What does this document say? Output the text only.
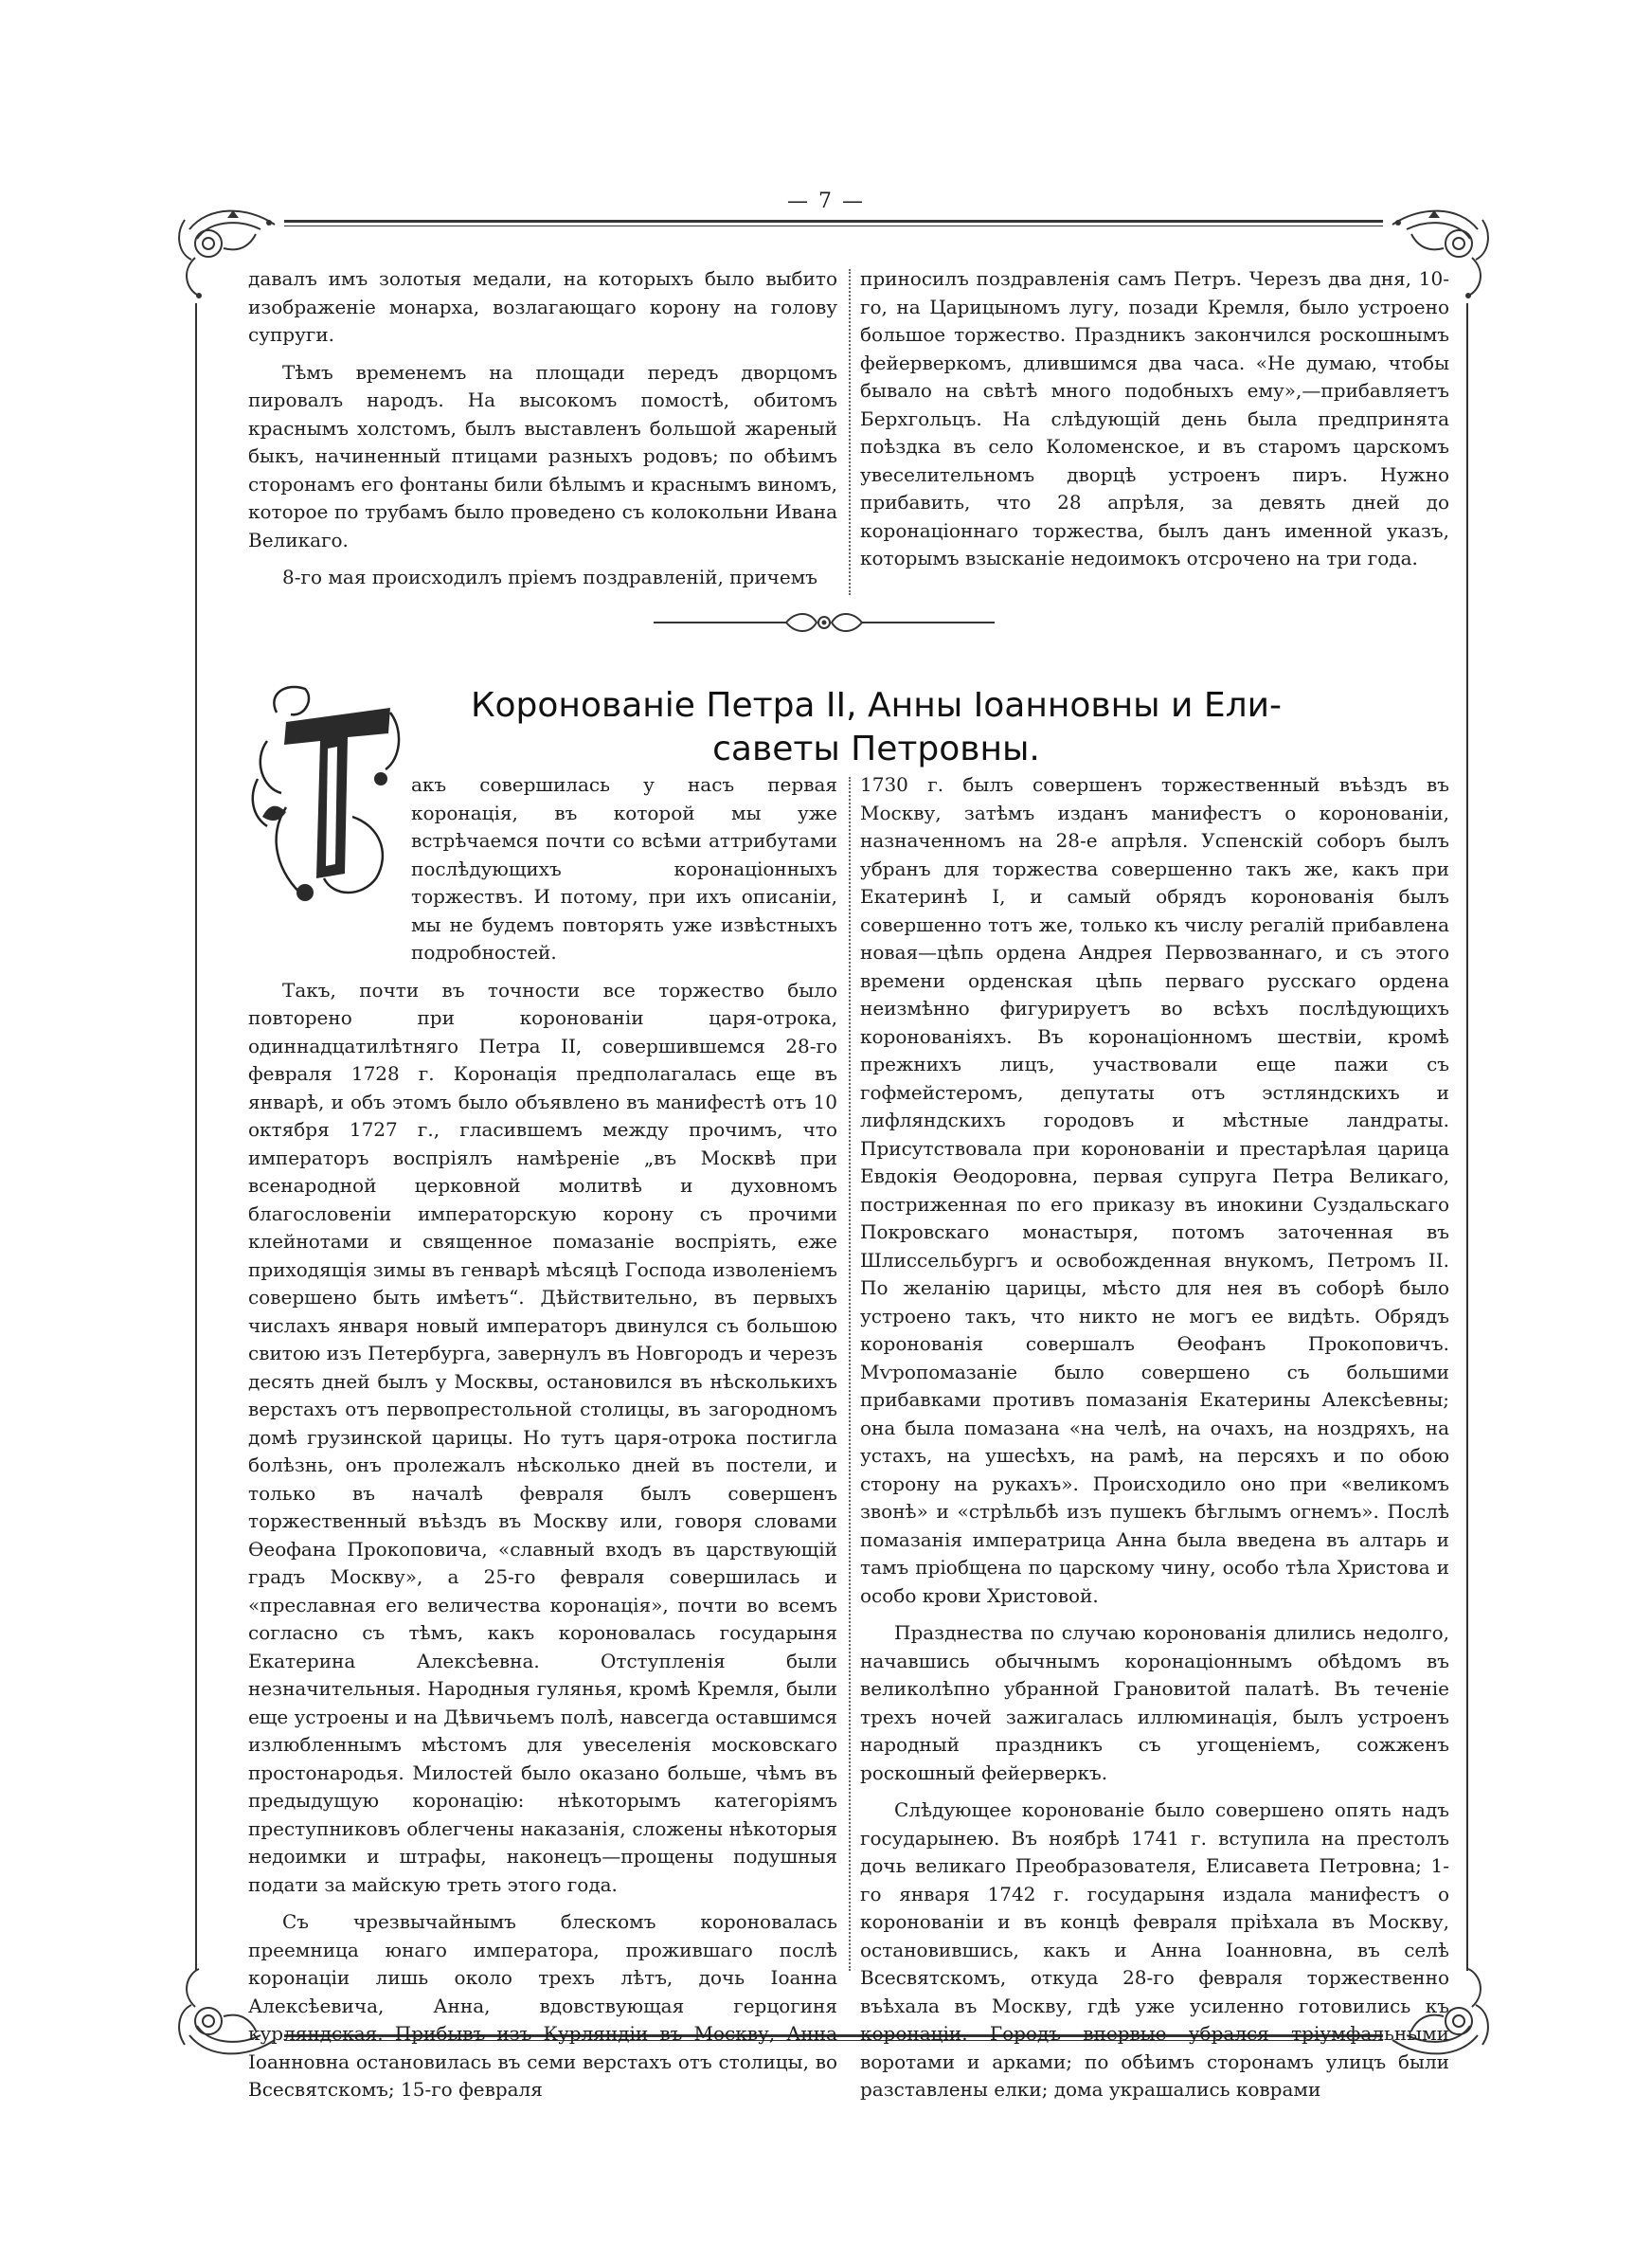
— 7 —

давалъ имъ золотыя медали, на которыхъ было выбито изображеніе монарха, возлагающаго корону на голову супруги.

Тѣмъ временемъ на площади передъ дворцомъ пировалъ народъ. На высокомъ помостѣ, обитомъ краснымъ холстомъ, былъ выставленъ большой жареный быкъ, начиненный птицами разныхъ родовъ; по обѣимъ сторонамъ его фонтаны били бѣлымъ и краснымъ виномъ, которое по трубамъ было проведено съ колокольни Ивана Великаго.

8-го мая происходилъ пріемъ поздравленій, причемъ

приносилъ поздравленія самъ Петръ. Черезъ два дня, 10-го, на Царицыномъ лугу, позади Кремля, было устроено большое торжество. Праздникъ закончился роскошнымъ фейерверкомъ, длившимся два часа. «Не думаю, чтобы бывало на свѣтѣ много подобныхъ ему»,—прибавляетъ Берхгольцъ. На слѣдующій день была предпринята поѣздка въ село Коломенское, и въ старомъ царскомъ увеселительномъ дворцѣ устроенъ пиръ. Нужно прибавить, что 28 апрѣля, за девять дней до коронаціоннаго торжества, былъ данъ именной указъ, которымъ взысканіе недоимокъ отсрочено на три года.

Коронованіе Петра II, Анны Іоанновны и Ели-
саветы Петровны.

акъ совершилась у насъ первая коронація, въ которой мы уже встрѣчаемся почти со всѣми аттрибутами послѣдующихъ коронаціонныхъ торжествъ. И потому, при ихъ описаніи, мы не будемъ повторять уже извѣстныхъ подробностей.

Такъ, почти въ точности все торжество было повторено при коронованіи царя-отрока, одиннадцатилѣтняго Петра II, совершившемся 28-го февраля 1728 г. Коронація предполагалась еще въ январѣ, и объ этомъ было объявлено въ манифестѣ отъ 10 октября 1727 г., гласившемъ между прочимъ, что императоръ воспріялъ намѣреніе „въ Москвѣ при всенародной церковной молитвѣ и духовномъ благословеніи императорскую корону съ прочими клейнотами и священное помазаніе воспріять, еже приходящія зимы въ генварѣ мѣсяцѣ Господа изволеніемъ совершено быть имѣетъ“. Дѣйствительно, въ первыхъ числахъ января новый императоръ двинулся съ большою свитою изъ Петербурга, завернулъ въ Новгородъ и черезъ десять дней былъ у Москвы, остановился въ нѣсколькихъ верстахъ отъ первопрестольной столицы, въ загородномъ домѣ грузинской царицы. Но тутъ царя-отрока постигла болѣзнь, онъ пролежалъ нѣсколько дней въ постели, и только въ началѣ февраля былъ совершенъ торжественный въѣздъ въ Москву или, говоря словами Ѳеофана Прокоповича, «славный входъ въ царствующій градъ Москву», а 25-го февраля совершилась и «преславная его величества коронація», почти во всемъ согласно съ тѣмъ, какъ короновалась государыня Екатерина Алексѣевна. Отступленія были незначительныя. Народныя гулянья, кромѣ Кремля, были еще устроены и на Дѣвичьемъ полѣ, навсегда оставшимся излюбленнымъ мѣстомъ для увеселенія московскаго простонародья. Милостей было оказано больше, чѣмъ въ предыдущую коронацію: нѣкоторымъ категоріямъ преступниковъ облегчены наказанія, сложены нѣкоторыя недоимки и штрафы, наконецъ—прощены подушныя подати за майскую треть этого года.

Съ чрезвычайнымъ блескомъ короновалась преемница юнаго императора, прожившаго послѣ коронаціи лишь около трехъ лѣтъ, дочь Іоанна Алексѣевича, Анна, вдовствующая герцогиня курляндская. Прибывъ изъ Курляндіи въ Москву, Анна Іоанновна остановилась въ семи верстахъ отъ столицы, во Всесвятскомъ; 15-го февраля

1730 г. былъ совершенъ торжественный въѣздъ въ Москву, затѣмъ изданъ манифестъ о коронованіи, назначенномъ на 28-е апрѣля. Успенскій соборъ былъ убранъ для торжества совершенно такъ же, какъ при Екатеринѣ I, и самый обрядъ коронованія былъ совершенно тотъ же, только къ числу регалій прибавлена новая—цѣпь ордена Андрея Первозваннаго, и съ этого времени орденская цѣпь перваго русскаго ордена неизмѣнно фигурируетъ во всѣхъ послѣдующихъ коронованіяхъ. Въ коронаціонномъ шествіи, кромѣ прежнихъ лицъ, участвовали еще пажи съ гофмейстеромъ, депутаты отъ эстляндскихъ и лифляндскихъ городовъ и мѣстные ландраты. Присутствовала при коронованіи и престарѣлая царица Евдокія Ѳеодоровна, первая супруга Петра Великаго, постриженная по его приказу въ инокини Суздальскаго Покровскаго монастыря, потомъ заточенная въ Шлиссельбургъ и освобожденная внукомъ, Петромъ II. По желанію царицы, мѣсто для нея въ соборѣ было устроено такъ, что никто не могъ ее видѣть. Обрядъ коронованія совершалъ Ѳеофанъ Прокоповичъ. Мѵропомазаніе было совершено съ большими прибавками противъ помазанія Екатерины Алексѣевны; она была помазана «на челѣ, на очахъ, на ноздряхъ, на устахъ, на ушесѣхъ, на рамѣ, на персяхъ и по обою сторону на рукахъ». Происходило оно при «великомъ звонѣ» и «стрѣльбѣ изъ пушекъ бѣглымъ огнемъ». Послѣ помазанія императрица Анна была введена въ алтарь и тамъ пріобщена по царскому чину, особо тѣла Христова и особо крови Христовой.

Празднества по случаю коронованія длились недолго, начавшись обычнымъ коронаціоннымъ обѣдомъ въ великолѣпно убранной Грановитой палатѣ. Въ теченіе трехъ ночей зажигалась иллюминація, былъ устроенъ народный праздникъ съ угощеніемъ, сожженъ роскошный фейерверкъ.

Слѣдующее коронованіе было совершено опять надъ государынею. Въ ноябрѣ 1741 г. вступила на престолъ дочь великаго Преобразователя, Елисавета Петровна; 1-го января 1742 г. государыня издала манифестъ о коронованіи и въ концѣ февраля пріѣхала въ Москву, остановившись, какъ и Анна Іоанновна, въ селѣ Всесвятскомъ, откуда 28-го февраля торжественно въѣхала въ Москву, гдѣ уже усиленно готовились къ коронаціи. Городъ впервые убрался тріумфальными воротами и арками; по обѣимъ сторонамъ улицъ были разставлены елки; дома украшались коврами
